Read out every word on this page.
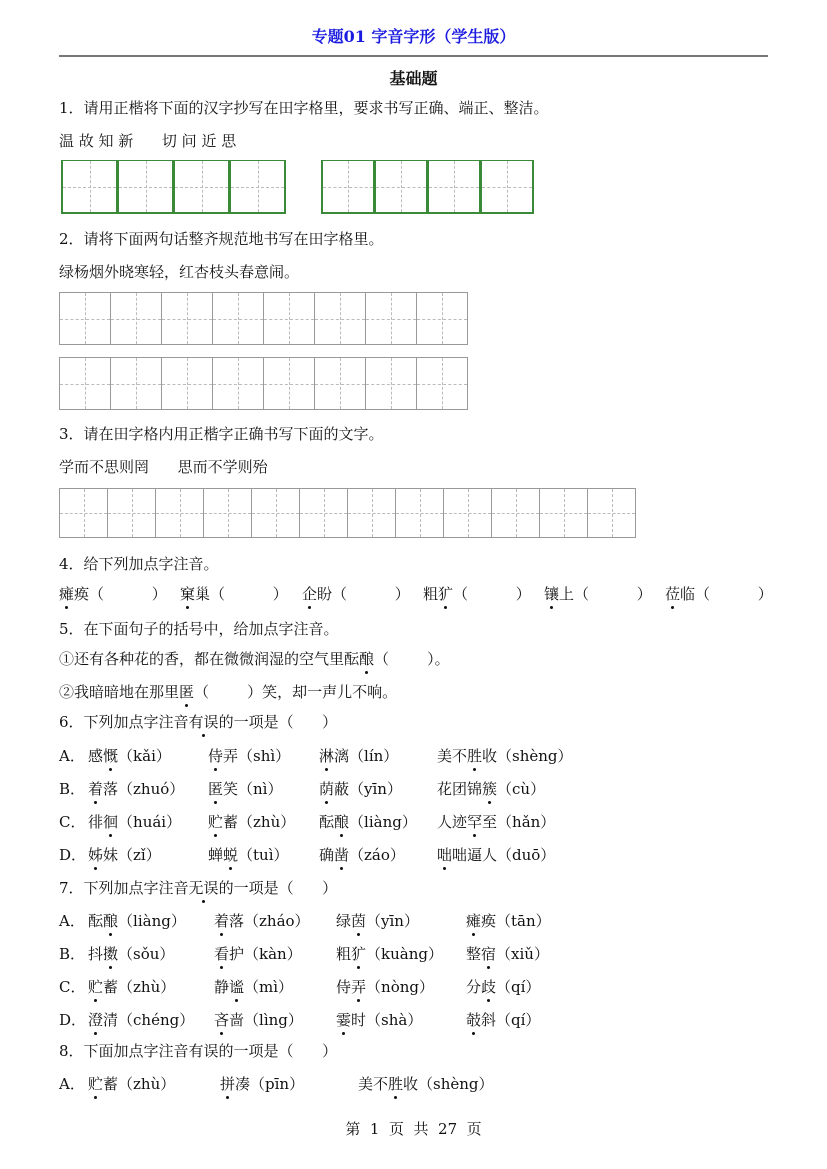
专题01 字音字形（学生版）
基础题
1．请用正楷将下面的汉字抄写在田字格里，要求书写正确、端正、整洁。
温 故 知 新      切 问 近 思
2．请将下面两句话整齐规范地书写在田字格里。
绿杨烟外晓寒轻，红杏枝头春意闹。
3．请在田字格内用正楷字正确书写下面的文字。
学而不思则罔      思而不学则殆
4．给下列加点字注音。
瘫痪（          ） 窠巢（          ） 企盼（          ） 粗犷（          ） 镶上（          ） 莅临（          ）
5．在下面句子的括号中，给加点字注音。
①还有各种花的香，都在微微润湿的空气里酝酿（        ）。
②我暗暗地在那里匿（        ）笑，却一声儿不响。
6．下列加点字注音有误的一项是（      ）
A． 感慨（kǎi） 侍弄（shì） 淋漓（lín）	美不胜收（shèng）
B． 着落（zhuó） 匿笑（nì） 荫蔽（yīn） 花团锦簇（cù）
C． 徘徊（huái） 贮蓄（zhù） 酝酿（liàng） 人迹罕至（hǎn）
D． 姊妹（zǐ）	蝉蜕（tuì） 确凿（záo） 咄咄逼人（duō）
7．下列加点字注音无误的一项是（      ）
A． 酝酿（liàng） 着落（zháo） 绿茵（yīn）	瘫痪（tān）
B． 抖擞（sǒu）	看护（kàn） 粗犷（kuàng） 整宿（xiǔ）
C． 贮蓄（zhù）	静谧（mì）	侍弄（nòng） 分歧（qí）
D． 澄清（chéng） 吝啬（lìng） 霎时（shà）	攲斜（qí）
8．下面加点字注音有误的一项是（      ）
A． 贮蓄（zhù）	拼凑（pīn）	美不胜收（shèng）
第  1  页  共  27  页
